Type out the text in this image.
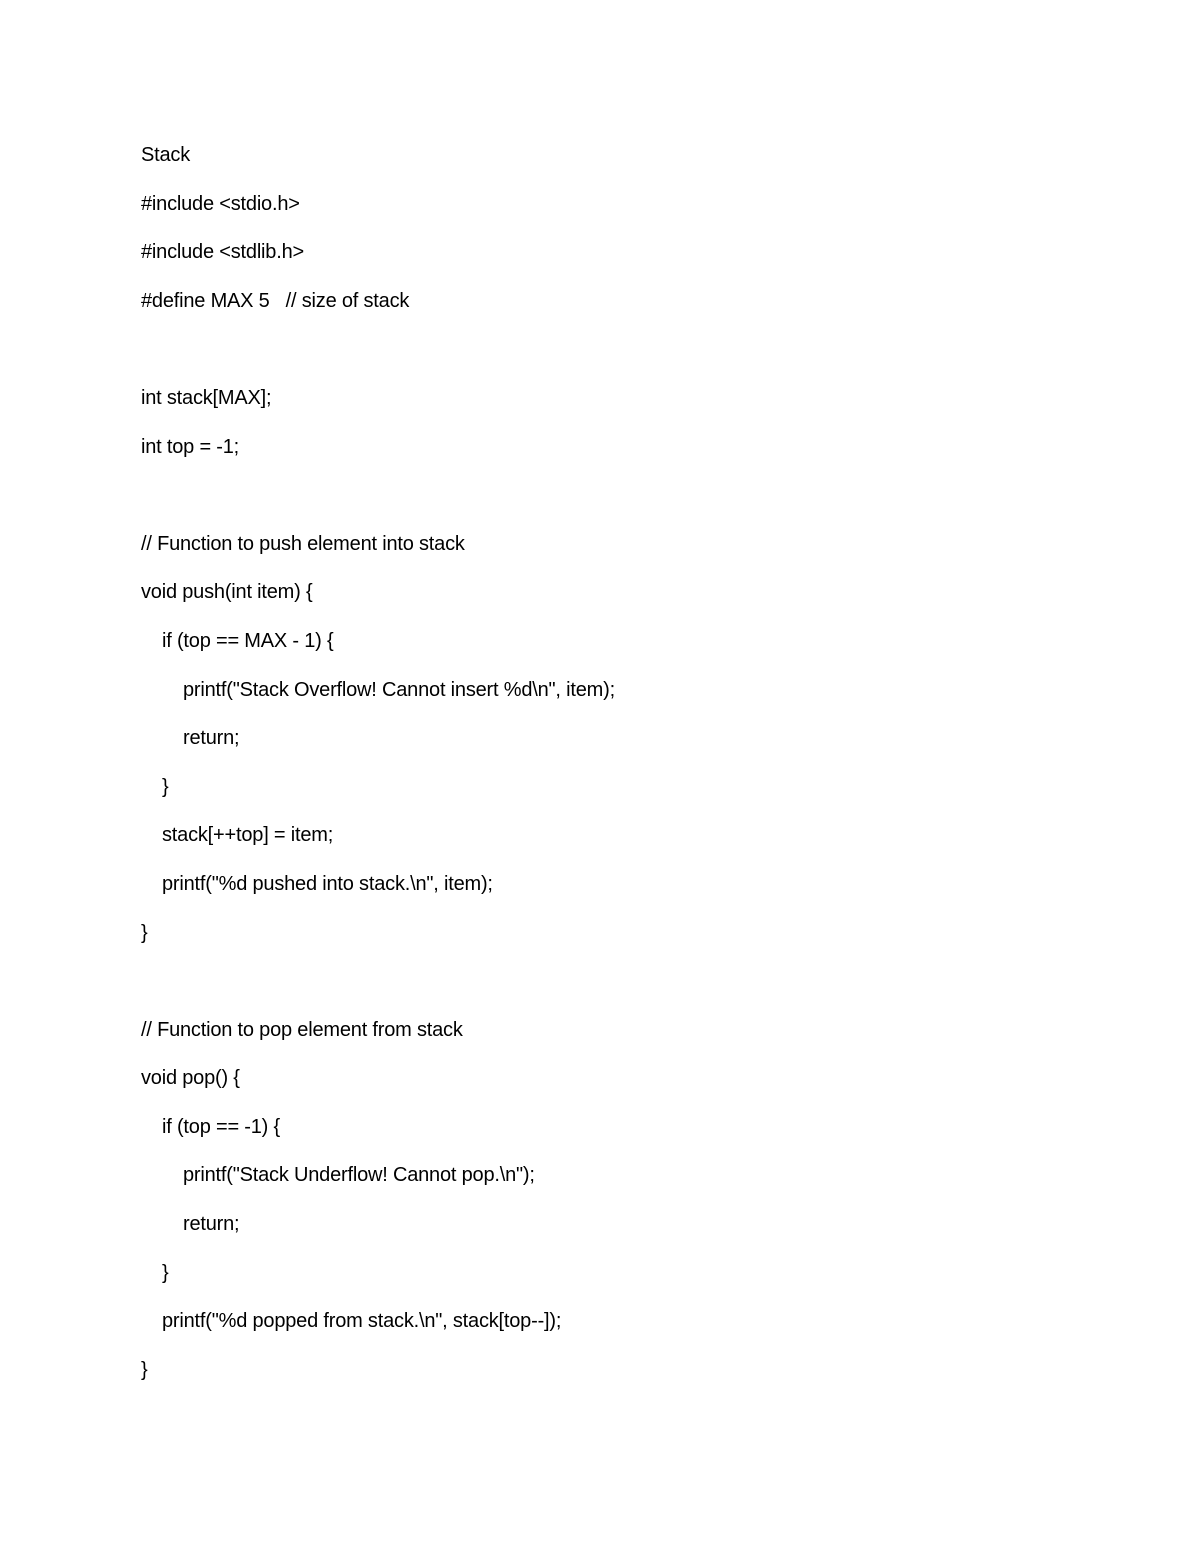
Stack
#include <stdio.h>
#include <stdlib.h>
#define MAX 5   // size of stack
int stack[MAX];
int top = -1;
// Function to push element into stack
void push(int item) {
if (top == MAX - 1) {
printf("Stack Overflow! Cannot insert %d\n", item);
return;
}
stack[++top] = item;
printf("%d pushed into stack.\n", item);
}
// Function to pop element from stack
void pop() {
if (top == -1) {
printf("Stack Underflow! Cannot pop.\n");
return;
}
printf("%d popped from stack.\n", stack[top--]);
}
